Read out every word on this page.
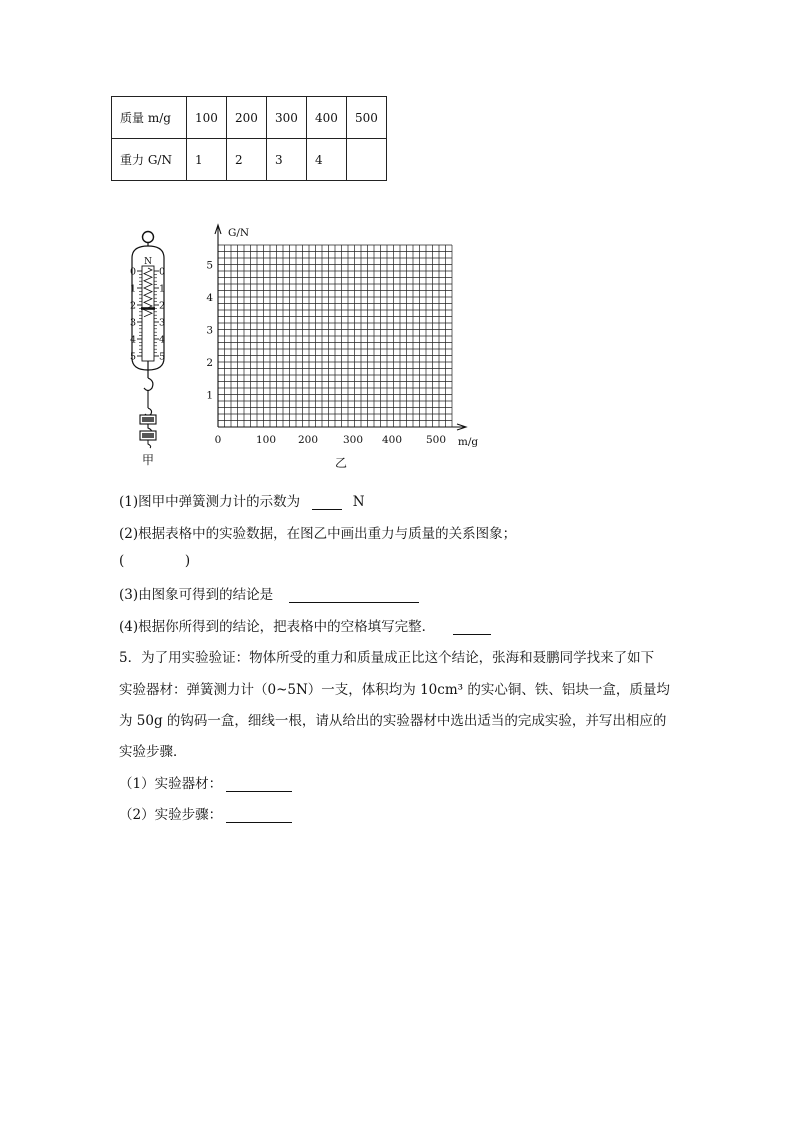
质量 m/g	100	200	300	400	500
重力 G/N	1	2	3	4	
N
0 0
1 1
2 2
3 3
4 4
5 5
甲
G/N
m/g
0
1
2
3
4
5
100 200 300 400 500
乙
(1)图甲中弹簧测力计的示数为	N
(2)根据表格中的实验数据，在图乙中画出重力与质量的关系图象；
(	)
(3)由图象可得到的结论是
(4)根据你所得到的结论，把表格中的空格填写完整．
5．为了用实验验证：物体所受的重力和质量成正比这个结论，张海和聂鹏同学找来了如下
实验器材：弹簧测力计（0~5N）一支，体积均为 10cm³ 的实心铜、铁、铝块一盒，质量均
为 50g 的钩码一盒，细线一根，请从给出的实验器材中选出适当的完成实验，并写出相应的
实验步骤．
（1）实验器材：
（2）实验步骤：
